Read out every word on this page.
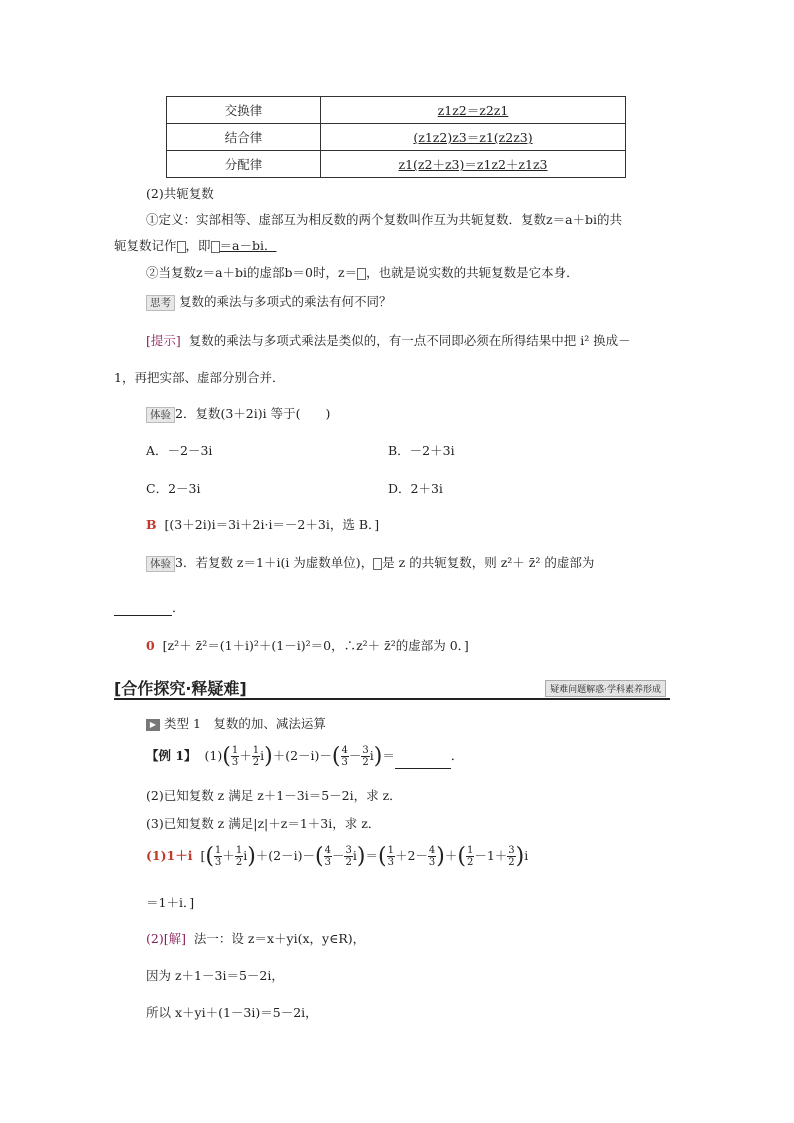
交换律	z1z2＝z2z1
结合律	(z1z2)z3＝z1(z2z3)
分配律	z1(z2＋z3)＝z1z2＋z1z3
(2)共轭复数
①定义：实部相等、虚部互为相反数的两个复数叫作互为共轭复数．复数z＝a＋bi的共
轭复数记作 ，即 ＝a－bi．
②当复数z＝a＋bi的虚部b＝0时，z＝ ，也就是说实数的共轭复数是它本身．
思考 复数的乘法与多项式的乘法有何不同？
[提示] 复数的乘法与多项式乘法是类似的，有一点不同即必须在所得结果中把 i² 换成－
1，再把实部、虚部分别合并．
体验 2．复数(3＋2i)i 等于(　　)
A．－2－3i	B．－2＋3i
C．2－3i	D．2＋3i
B [(3＋2i)i＝3i＋2i·i＝－2＋3i，选 B．]
体验 3．若复数 z＝1＋i(i 为虚数单位)， 是 z 的共轭复数，则 z²＋ z̄² 的虚部为
．
0 [z²＋ z̄²＝(1＋i)²＋(1－i)²＝0，∴z²＋ z̄²的虚部为 0．]
[合作探究·释疑难]	疑难问题解惑·学科素养形成
▶ 类型 1　复数的加、减法运算
【例 1】 $(1)( \frac{1}{3} + \frac{1}{2} i)+(2-i)-( \frac{4}{3} - \frac{3}{2} i)=$	．
(2)已知复数 z 满足 z＋1－3i＝5－2i，求 z．
(3)已知复数 z 满足|z|＋z＝1＋3i，求 z．
(1)1＋i [( $\frac{1}{3} + \frac{1}{2} i)+(2-i)-( \frac{4}{3} - \frac{3}{2} i)=( \frac{1}{3} +2- \frac{4}{3}$ )＋( $\frac{1}{2} -1+ \frac{3}{2} )i$
＝1＋i．]
(2)[解] 法一：设 z＝x＋yi(x，y∈R)，
因为 z＋1－3i＝5－2i，
所以 x＋yi＋(1－3i)＝5－2i，
